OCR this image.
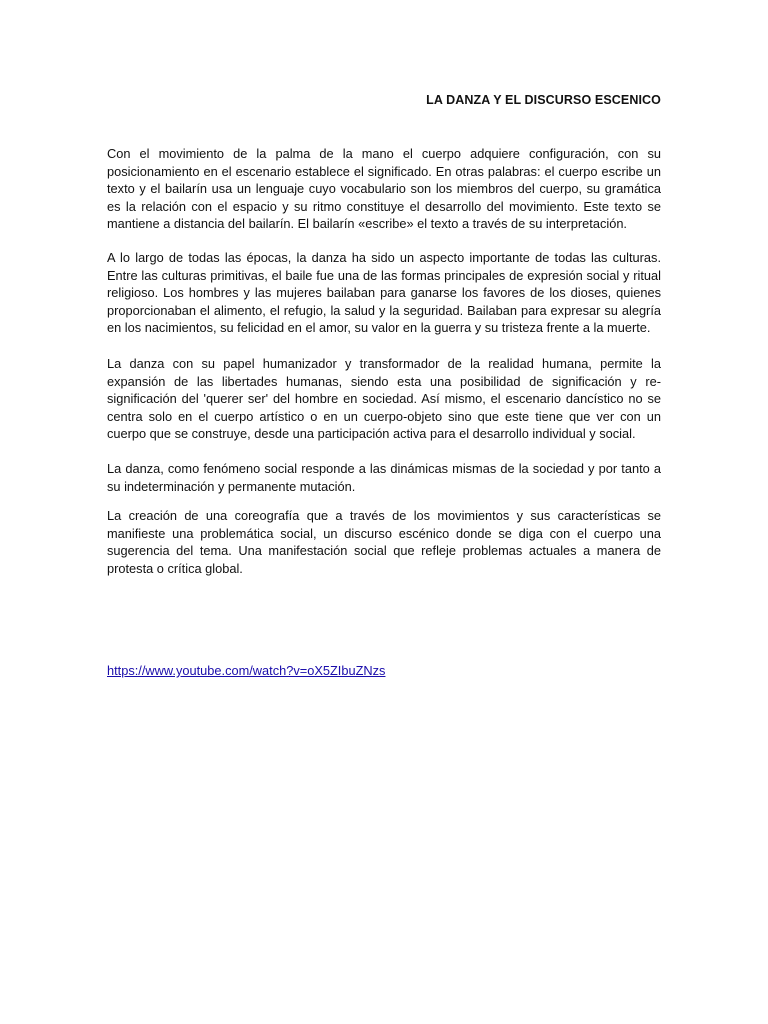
LA DANZA Y EL DISCURSO ESCENICO

Con el movimiento de la palma de la mano el cuerpo adquiere configuración, con su posicionamiento en el escenario establece el significado. En otras palabras: el cuerpo escribe un texto y el bailarín usa un lenguaje cuyo vocabulario son los miembros del cuerpo, su gramática es la relación con el espacio y su ritmo constituye el desarrollo del movimiento. Este texto se mantiene a distancia del bailarín. El bailarín «escribe» el texto a través de su interpretación.

A lo largo de todas las épocas, la danza ha sido un aspecto importante de todas las culturas. Entre las culturas primitivas, el baile fue una de las formas principales de expresión social y ritual religioso. Los hombres y las mujeres bailaban para ganarse los favores de los dioses, quienes proporcionaban el alimento, el refugio, la salud y la seguridad. Bailaban para expresar su alegría en los nacimientos, su felicidad en el amor, su valor en la guerra y su tristeza frente a la muerte.

La danza con su papel humanizador y transformador de la realidad humana, permite la expansión de las libertades humanas, siendo esta una posibilidad de significación y re-significación del 'querer ser' del hombre en sociedad. Así mismo, el escenario dancístico no se centra solo en el cuerpo artístico o en un cuerpo-objeto sino que este tiene que ver con un cuerpo que se construye, desde una participación activa para el desarrollo individual y social.

La danza, como fenómeno social responde a las dinámicas mismas de la sociedad y por tanto a su indeterminación y permanente mutación.

La creación de una coreografía que a través de los movimientos y sus características se manifieste una problemática social, un discurso escénico donde se diga con el cuerpo una sugerencia del tema. Una manifestación social que refleje problemas actuales a manera de protesta o crítica global.

https://www.youtube.com/watch?v=oX5ZIbuZNzs
